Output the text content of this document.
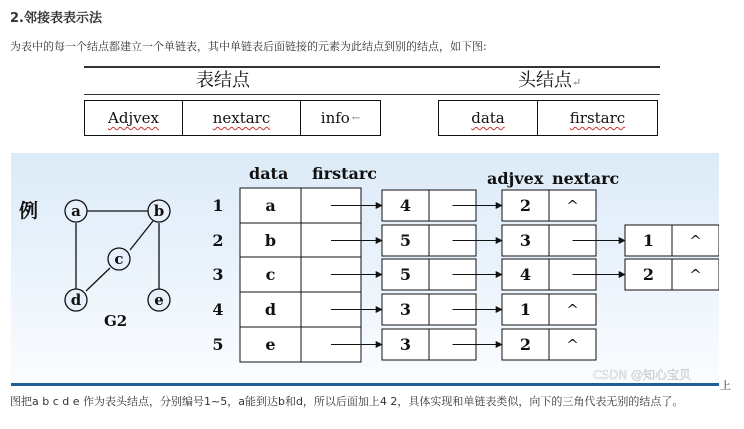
2.邻接表表示法
为表中的每一个结点都建立一个单链表，其中单链表后面链接的元素为此结点到别的结点，如下图:
表结点	头结点↵
Adjvex	nextarc	info ←	data	firstarc
例 a	b
c
d	e
G2
data firstarc	adjvex nextarc
1	a	4	2 ^
2	b	5	3	1 ^
3	c	5	4	2 ^
4	d	3	1 ^
5	e	3	2 ^
CSDN @知心宝贝
上
图把a b c d e 作为表头结点，分别编号1~5，a能到达b和d，所以后面加上4 2，具体实现和单链表类似，向下的三角代表无别的结点了。
